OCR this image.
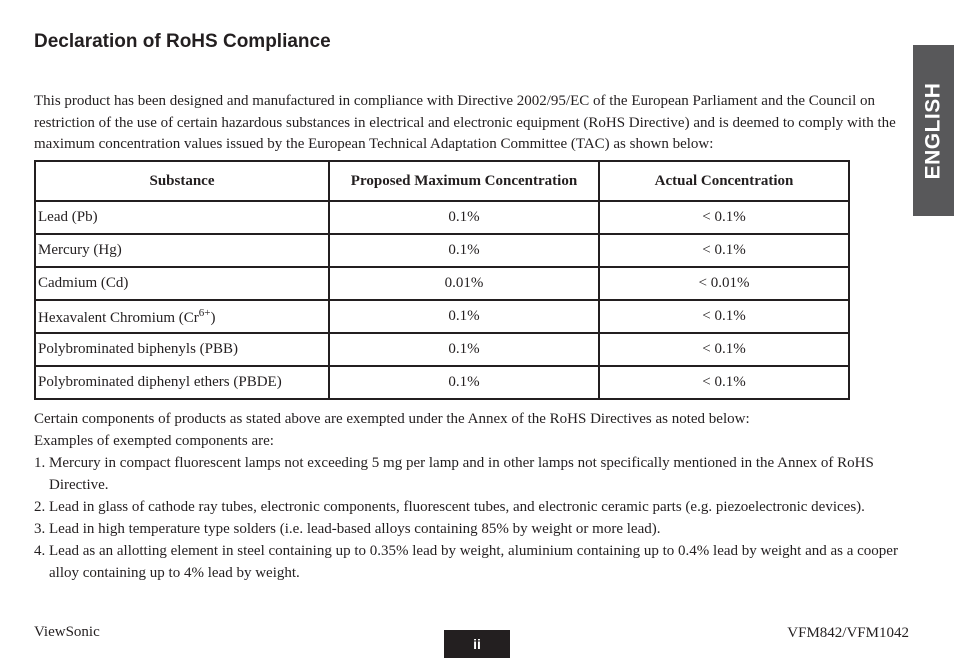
Declaration of RoHS Compliance
ENGLISH

This product has been designed and manufactured in compliance with Directive 2002/95/EC of the European Parliament and the Council on restriction of the use of certain hazardous substances in electrical and electronic equipment (RoHS Directive) and is deemed to comply with the maximum concentration values issued by the European Technical Adaptation Committee (TAC) as shown below:

Substance	Proposed Maximum Concentration	Actual Concentration
Lead (Pb)	0.1%	< 0.1%
Mercury (Hg)	0.1%	< 0.1%
Cadmium (Cd)	0.01%	< 0.01%
Hexavalent Chromium $(Cr^{6+})$	0.1%	< 0.1%
Polybrominated biphenyls (PBB)	0.1%	< 0.1%
Polybrominated diphenyl ethers (PBDE)	0.1%	< 0.1%

Certain components of products as stated above are exempted under the Annex of the RoHS Directives as noted below:

Examples of exempted components are:

1. Mercury in compact fluorescent lamps not exceeding 5 mg per lamp and in other lamps not specifically mentioned in the Annex of RoHS Directive.
2. Lead in glass of cathode ray tubes, electronic components, fluorescent tubes, and electronic ceramic parts (e.g. piezoelectronic devices).
3. Lead in high temperature type solders (i.e. lead-based alloys containing 85% by weight or more lead).
4. Lead as an allotting element in steel containing up to 0.35% lead by weight, aluminium containing up to 0.4% lead by weight and as a cooper alloy containing up to 4% lead by weight.
ViewSonic
ii
VFM842/VFM1042
